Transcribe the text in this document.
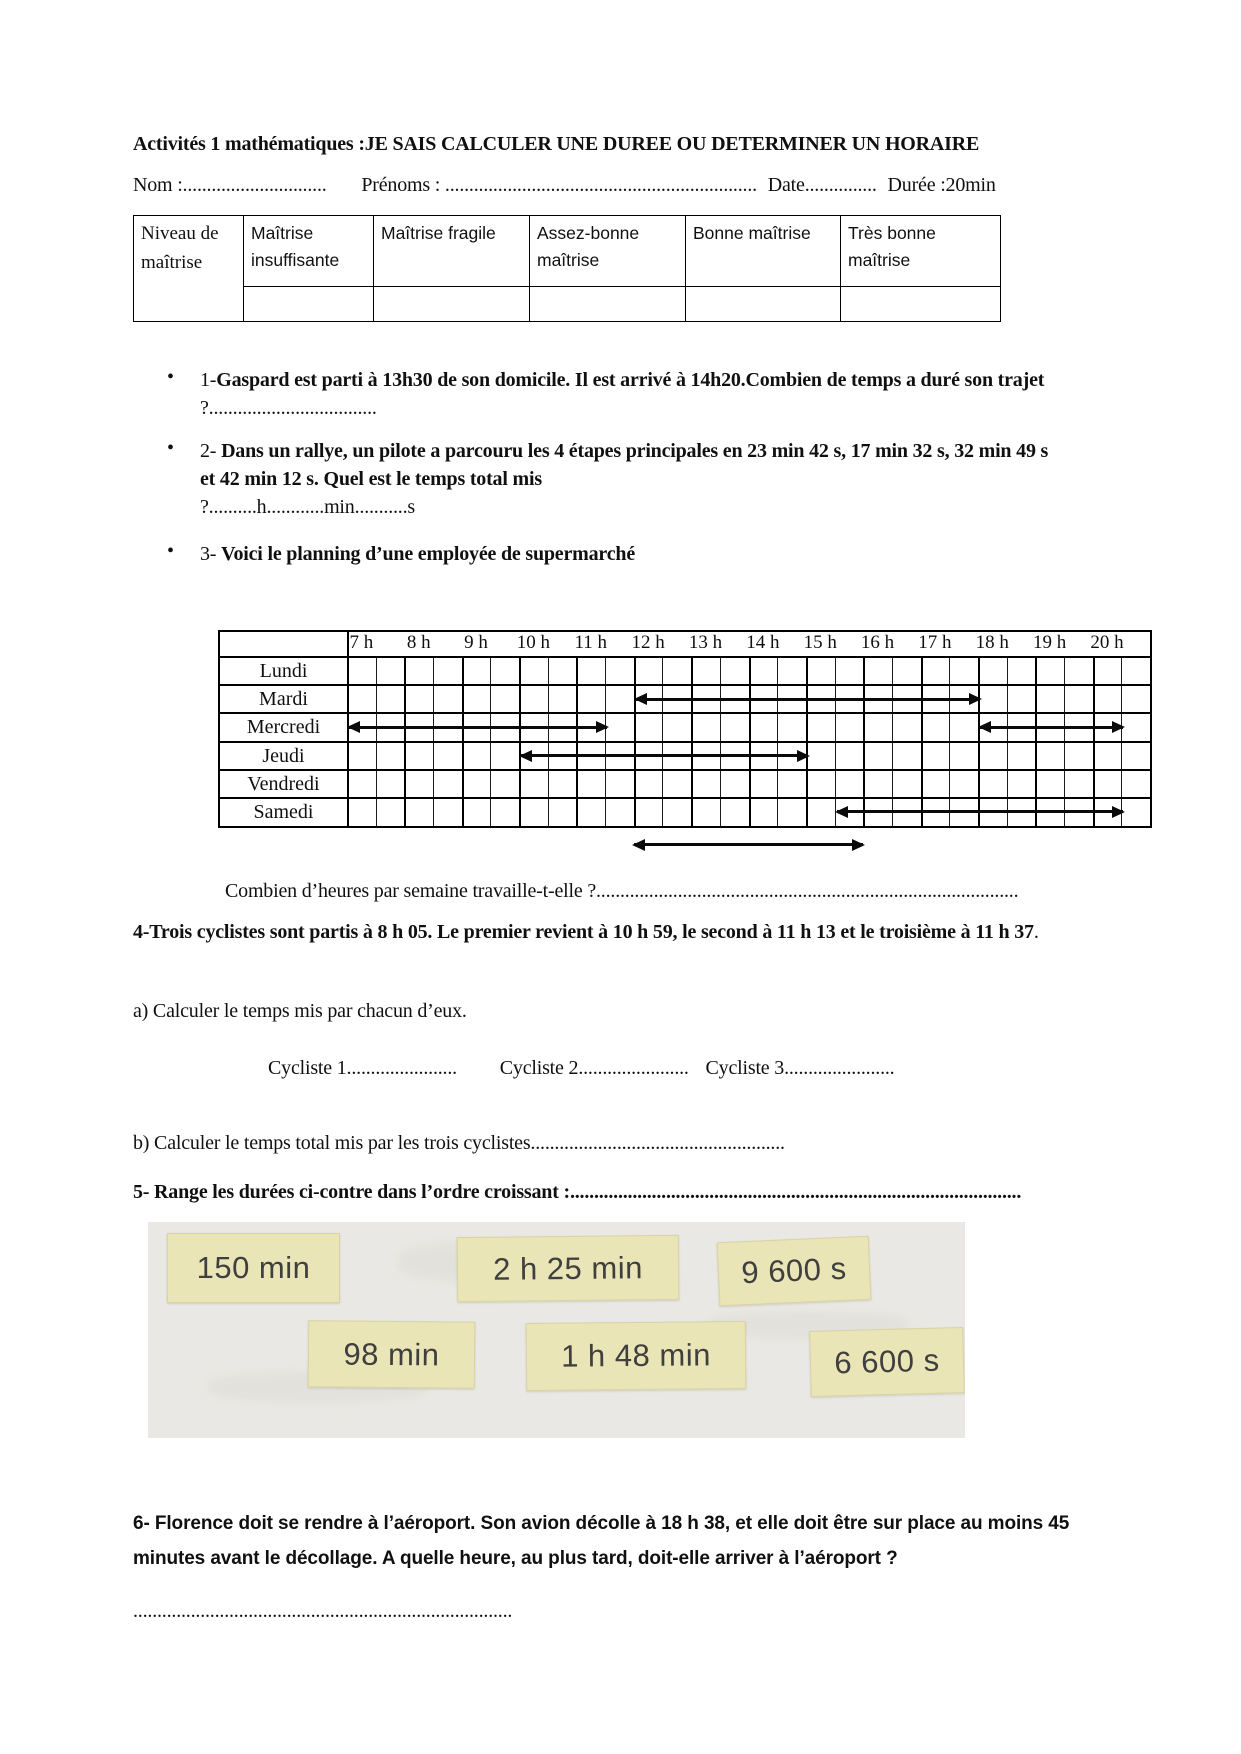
Activités 1 mathématiques :JE SAIS CALCULER UNE DUREE OU DETERMINER UN HORAIRE
Nom :.............................. Prénoms : ................................................................. Date............... Durée :20min
Niveau de maîtrise	Maîtrise insuffisante	Maîtrise fragile	Assez-bonne maîtrise	Bonne maîtrise	Très bonne maîtrise

•	1-Gaspard est parti à 13h30 de son domicile. Il est arrivé à 14h20.Combien de temps a duré son trajet ?...................................
•	2- Dans un rallye, un pilote a parcouru les 4 étapes principales en 23 min 42 s, 17 min 32 s, 32 min 49 s et 42 min 12 s. Quel est le temps total mis
?..........h............min...........s
•	3- Voici le planning d’une employée de supermarché
7 h 8 h 9 h 10 h 11 h 12 h 13 h 14 h 15 h 16 h 17 h 18 h 19 h 20 h
Lundi
Mardi
Mercredi
Jeudi
Vendredi
Samedi
Combien d’heures par semaine travaille-t-elle ?........................................................................................
4-Trois cyclistes sont partis à 8 h 05. Le premier revient à 10 h 59, le second à 11 h 13 et le troisième à 11 h 37.
a) Calculer le temps mis par chacun d’eux.
Cycliste 1....................... Cycliste 2....................... Cycliste 3.......................
b) Calculer le temps total mis par les trois cyclistes.....................................................
5- Range les durées ci-contre dans l’ordre croissant :..............................................................................................
150 min	2 h 25 min	9 600 s
98 min	1 h 48 min	6 600 s
6- Florence doit se rendre à l’aéroport. Son avion décolle à 18 h 38, et elle doit être sur place au moins 45 minutes avant le décollage. A quelle heure, au plus tard, doit-elle arriver à l’aéroport ?
...............................................................................
